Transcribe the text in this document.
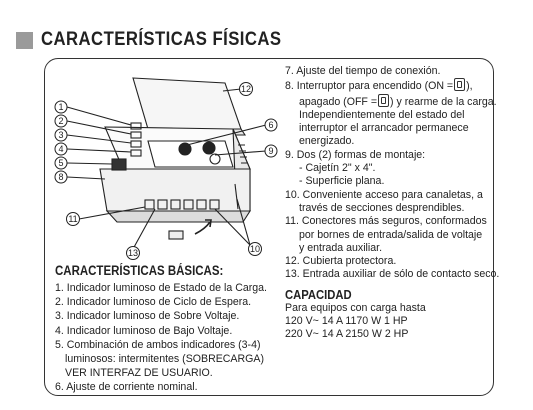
CARACTERÍSTICAS FÍSICAS
1
2
3
4
5
8
11
13	10
9
6
12
CARACTERÍSTICAS BÁSICAS:
1. Indicador luminoso de Estado de la Carga.
2. Indicador luminoso de Ciclo de Espera.
3. Indicador luminoso de Sobre Voltaje.
4. Indicador luminoso de Bajo Voltaje.
5. Combinación de ambos indicadores (3-4)
luminosos: intermitentes (SOBRECARGA)
VER INTERFAZ DE USUARIO.
6. Ajuste de corriente nominal.
7. Ajuste del tiempo de conexión.
8. Interruptor para encendido (ON = ),
apagado (OFF = ) y rearme de la carga.
Independientemente del estado del
interruptor el arrancador permanece
energizado.
9. Dos (2) formas de montaje:
- Cajetín 2" x 4".
- Superficie plana.
10. Conveniente acceso para canaletas, a
través de secciones desprendibles.
11. Conectores más seguros, conformados
por bornes de entrada/salida de voltaje
y entrada auxiliar.
12. Cubierta protectora.
13. Entrada auxiliar de sólo de contacto seco.
CAPACIDAD
Para equipos con carga hasta
120 V~ 14 A 1170 W 1 HP
220 V~ 14 A 2150 W 2 HP
